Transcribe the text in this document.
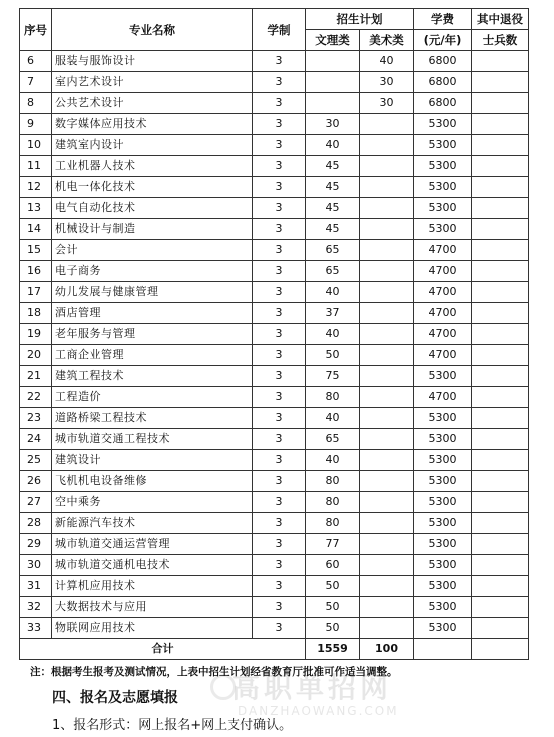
序号	专业名称	学制	招生计划		学费	其中退役
			文理类	美术类	(元/年)	士兵数
6	服装与服饰设计	3		40	6800	
7	室内艺术设计	3		30	6800	
8	公共艺术设计	3		30	6800	
9	数字媒体应用技术	3	30		5300	
10	建筑室内设计	3	40		5300	
11	工业机器人技术	3	45		5300	
12	机电一体化技术	3	45		5300	
13	电气自动化技术	3	45		5300	
14	机械设计与制造	3	45		5300	
15	会计	3	65		4700	
16	电子商务	3	65		4700	
17	幼儿发展与健康管理	3	40		4700	
18	酒店管理	3	37		4700	
19	老年服务与管理	3	40		4700	
20	工商企业管理	3	50		4700	
21	建筑工程技术	3	75		5300	
22	工程造价	3	80		4700	
23	道路桥梁工程技术	3	40		5300	
24	城市轨道交通工程技术	3	65		5300	
25	建筑设计	3	40		5300	
26	飞机机电设备维修	3	80		5300	
27	空中乘务	3	80		5300	
28	新能源汽车技术	3	80		5300	
29	城市轨道交通运营管理	3	77		5300	
30	城市轨道交通机电技术	3	60		5300	
31	计算机应用技术	3	50		5300	
32	大数据技术与应用	3	50		5300	
33	物联网应用技术	3	50		5300	
合计			1559	100		
高职单招网
DANZHAOWANG.COM
注：根据考生报考及测试情况，上表中招生计划经省教育厅批准可作适当调整。
四、报名及志愿填报
1、报名形式：网上报名+网上支付确认。
